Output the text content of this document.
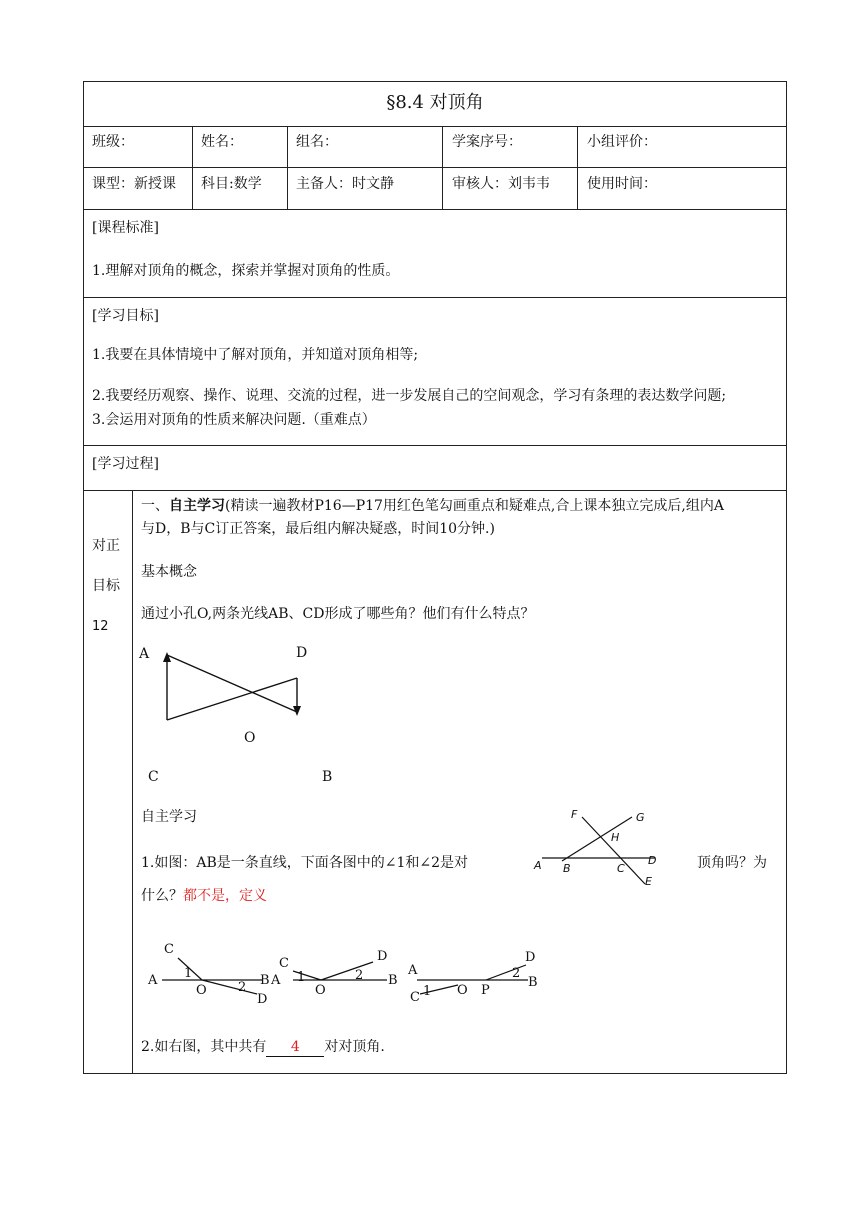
§8.4 对顶角
班级：	姓名：	组名：	学案序号：	小组评价：
课型：新授课 科目:数学 主备人：时文静	审核人：刘韦韦	使用时间：
[课程标准]
1.理解对顶角的概念，探索并掌握对顶角的性质。
[学习目标]
1.我要在具体情境中了解对顶角，并知道对顶角相等;
2.我要经历观察、操作、说理、交流的过程，进一步发展自己的空间观念，学习有条理的表达数学问题;
3.会运用对顶角的性质来解决问题.（重难点）
[学习过程]
对正
目标
12
一、自主学习(精读一遍教材P16—P17用红色笔勾画重点和疑难点,合上课本独立完成后,组内A
与D，B与C订正答案，最后组内解决疑惑，时间10分钟.)
基本概念
通过小孔O,两条光线AB、CD形成了哪些角？他们有什么特点？
A	D
O
C	B
自主学习	F	G
H
A B	C
D
E
1.如图：AB是一条直线，下面各图中的∠1和∠2是对	顶角吗？为
什么？都不是，定义
C
A 1
O 2 B
D
C
A 1
O
2
D
B
A
C 1 O P
2
D
B
2.如右图，其中共有 4 对对顶角.
